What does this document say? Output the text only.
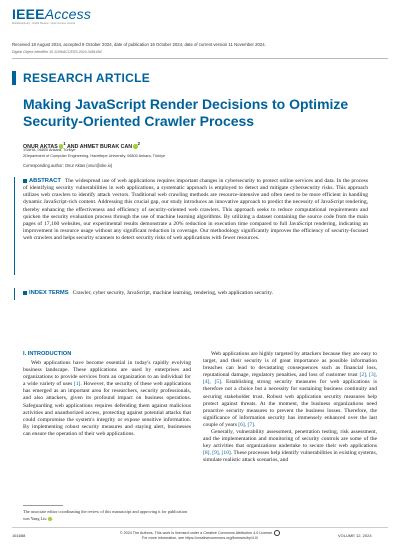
IEEEAccess
Multidisciplinary : Rapid Review : Open Access Journal
Received 18 August 2024, accepted 8 October 2024, date of publication 16 October 2024, date of current version 11 November 2024.
Digital Object Identifier 10.1109/ACCESS.2024.3481494
RESEARCH ARTICLE
Making JavaScript Render Decisions to Optimize Security-Oriented Crawler Process
ONUR AKTAS$^1$ AND AHMET BURAK CAN$^2$
1SAHA, 06800 Ankara, Türkiye
2Department of Computer Engineering, Hacettepe University, 06800 Ankara, Türkiye
Corresponding author: Onur Aktas (onur@oke.io)
ABSTRACT The widespread use of web applications requires important changes in cybersecurity to protect online services and data. In the process of identifying security vulnerabilities in web applications, a systematic approach is employed to detect and mitigate cybersecurity risks. This approach utilizes web crawlers to identify attack vectors. Traditional web crawling methods are resource-intensive and often need to be more efficient in handling dynamic JavaScript-rich content. Addressing this crucial gap, our study introduces an innovative approach to predict the necessity of JavaScript rendering, thereby enhancing the effectiveness and efficiency of security-oriented web crawlers. This approach seeks to reduce computational requirements and quicken the security evaluation process through the use of machine learning algorithms. By utilizing a dataset containing the source code from the main pages of 17,160 websites, our experimental results demonstrate a 20% reduction in execution time compared to full JavaScript rendering, indicating an improvement in resource usage without any significant reduction in coverage. Our methodology significantly improves the efficiency of security-focused web crawlers and helps security scanners to detect security risks of web applications with fewer resources.
INDEX TERMS Crawler, cyber security, JavaScript, machine learning, rendering, web application security.
I. INTRODUCTION

Web applications have become essential in today's rapidly evolving business landscape. These applications are used by enterprises and organizations to provide services from an organization to an individual for a wide variety of uses [1]. However, the security of these web applications has emerged as an important area for researchers, security professionals, and also attackers, given its profound impact on business operations. Safeguarding web applications requires defending them against malicious activities and unauthorized access, protecting against potential attacks that could compromise the system's integrity or expose sensitive information. By implementing robust security measures and staying alert, businesses can ensure the operation of their web applications.

Web applications are highly targeted by attackers because they are easy to target, and their security is of great importance as possible information breaches can lead to devastating consequences such as financial loss, reputational damage, regulatory penalties, and loss of customer trust [2], [3], [4], [5]. Establishing strong security measures for web applications is therefore not a choice but a necessity for sustaining business continuity and securing stakeholder trust. Robust web application security measures help protect against threats. At the moment, the business organizations need proactive security measures to prevent the business losses. Therefore, the significance of information security has immensely enhanced over the last couple of years [6], [7].

Generally, vulnerability assessment, penetration testing, risk assessment, and the implementation and monitoring of security controls are some of the key activities that organizations undertake to secure their web applications [8], [9], [10]. These processes help identify vulnerabilities in existing systems, simulate realistic attack scenarios, and

The associate editor coordinating the review of this manuscript and approving it for publication was Yang Liu .
161688
© 2024 The Authors. This work is licensed under a Creative Commons Attribution 4.0 License.
For more information, see https://creativecommons.org/licenses/by/4.0/
VOLUME 12, 2024
